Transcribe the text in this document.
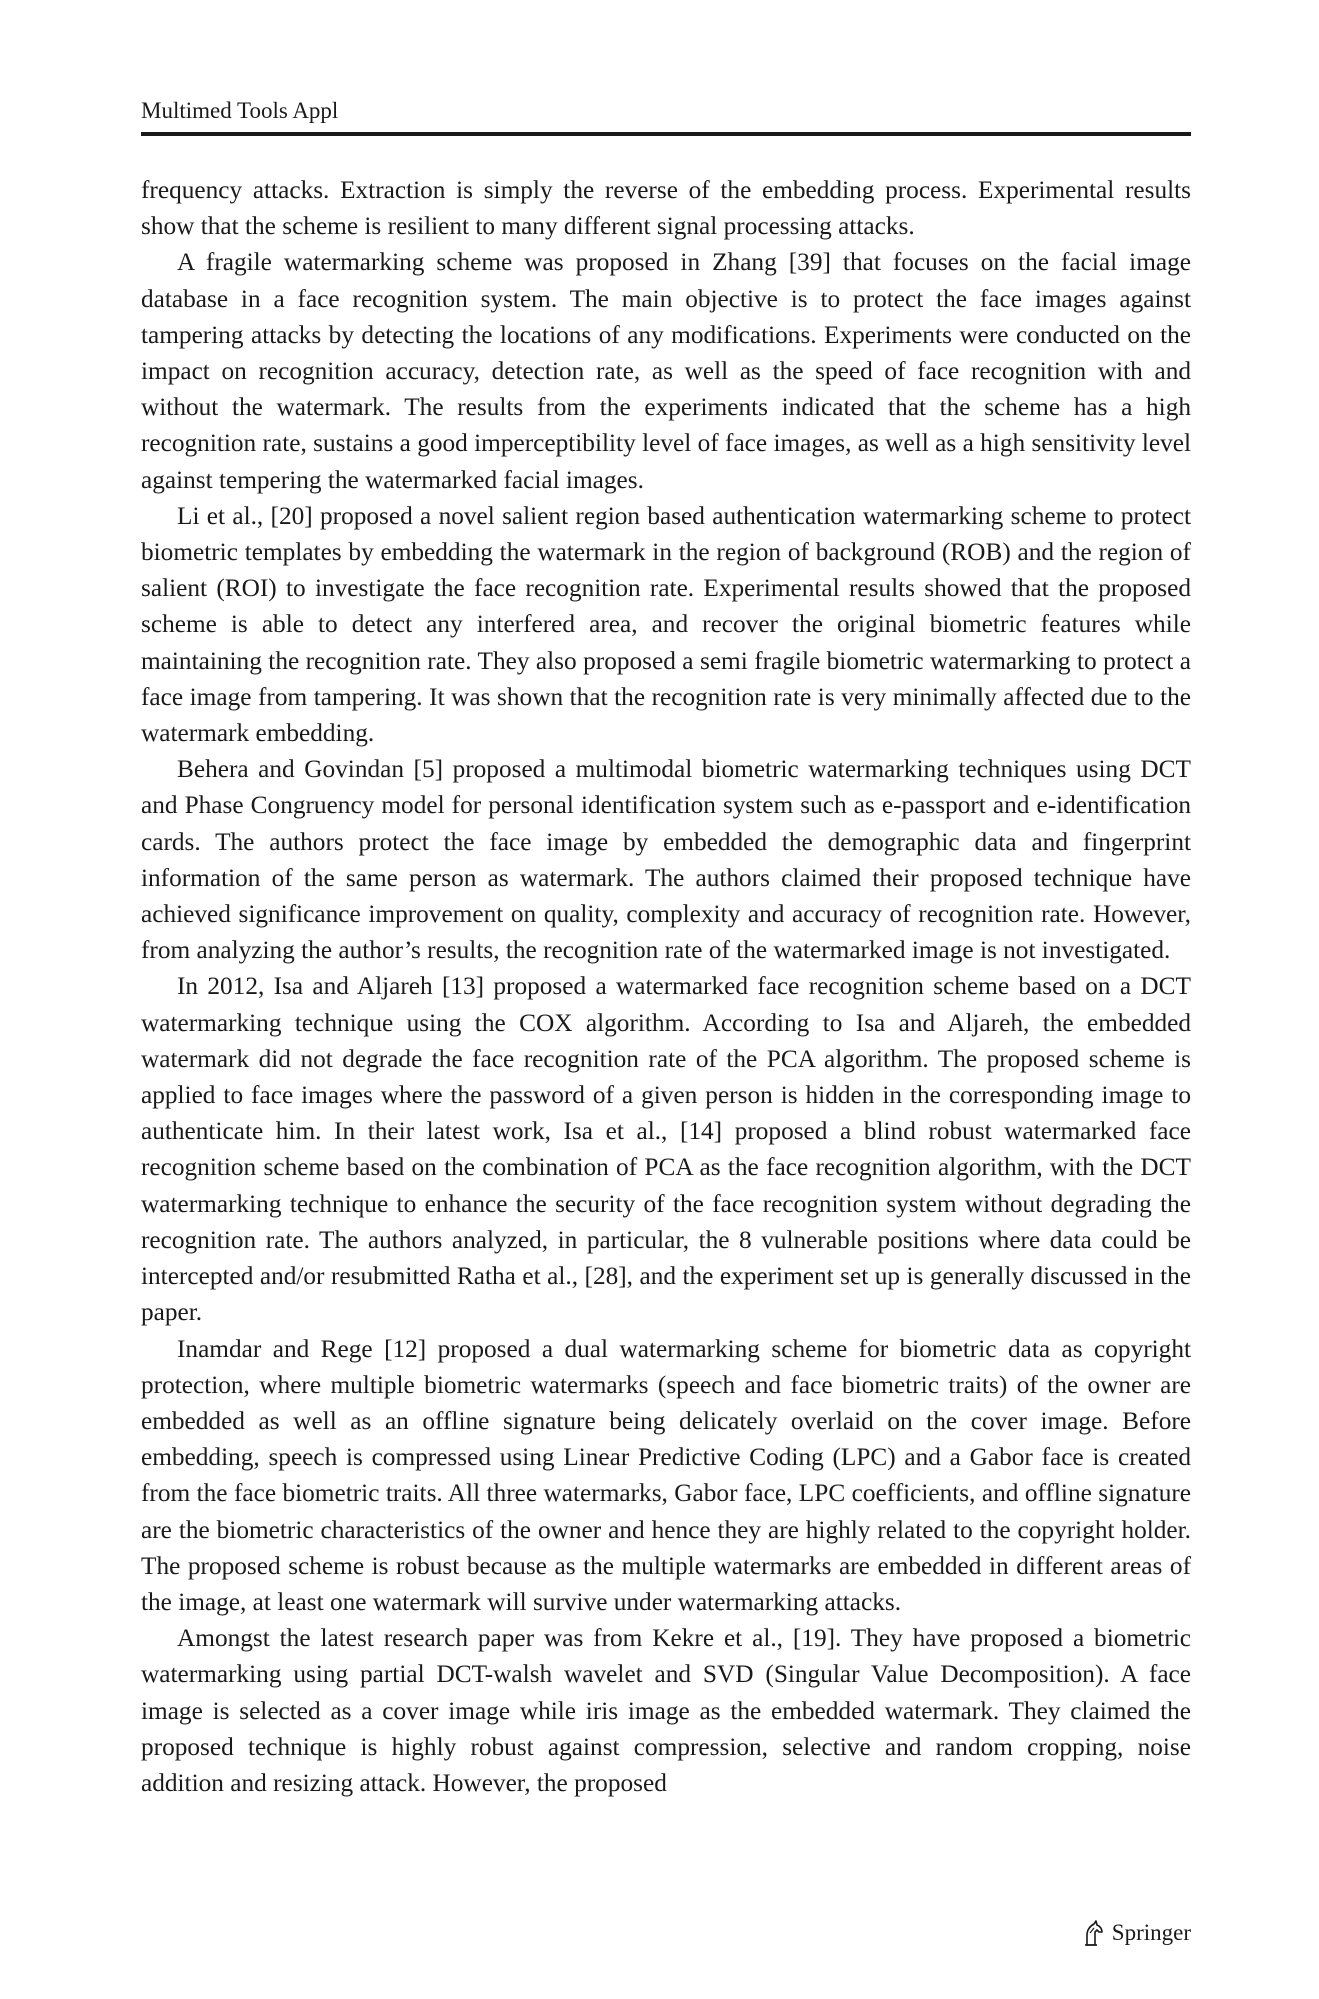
Multimed Tools Appl

frequency attacks. Extraction is simply the reverse of the embedding process. Experimental results show that the scheme is resilient to many different signal processing attacks.

A fragile watermarking scheme was proposed in Zhang [39] that focuses on the facial image database in a face recognition system. The main objective is to protect the face images against tampering attacks by detecting the locations of any modifications. Experiments were conducted on the impact on recognition accuracy, detection rate, as well as the speed of face recognition with and without the watermark. The results from the experiments indicated that the scheme has a high recognition rate, sustains a good imperceptibility level of face images, as well as a high sensitivity level against tempering the watermarked facial images.

Li et al., [20] proposed a novel salient region based authentication watermarking scheme to protect biometric templates by embedding the watermark in the region of background (ROB) and the region of salient (ROI) to investigate the face recognition rate. Experimental results showed that the proposed scheme is able to detect any interfered area, and recover the original biometric features while maintaining the recognition rate. They also proposed a semi fragile biometric watermarking to protect a face image from tampering. It was shown that the recognition rate is very minimally affected due to the watermark embedding.

Behera and Govindan [5] proposed a multimodal biometric watermarking techniques using DCT and Phase Congruency model for personal identification system such as e-passport and e-identification cards. The authors protect the face image by embedded the demographic data and fingerprint information of the same person as watermark. The authors claimed their proposed technique have achieved significance improvement on quality, complexity and accuracy of recognition rate. However, from analyzing the author’s results, the recognition rate of the watermarked image is not investigated.

In 2012, Isa and Aljareh [13] proposed a watermarked face recognition scheme based on a DCT watermarking technique using the COX algorithm. According to Isa and Aljareh, the embedded watermark did not degrade the face recognition rate of the PCA algorithm. The proposed scheme is applied to face images where the password of a given person is hidden in the corresponding image to authenticate him. In their latest work, Isa et al., [14] proposed a blind robust watermarked face recognition scheme based on the combination of PCA as the face recognition algorithm, with the DCT watermarking technique to enhance the security of the face recognition system without degrading the recognition rate. The authors analyzed, in particular, the 8 vulnerable positions where data could be intercepted and/or resubmitted Ratha et al., [28], and the experiment set up is generally discussed in the paper.

Inamdar and Rege [12] proposed a dual watermarking scheme for biometric data as copyright protection, where multiple biometric watermarks (speech and face biometric traits) of the owner are embedded as well as an offline signature being delicately overlaid on the cover image. Before embedding, speech is compressed using Linear Predictive Coding (LPC) and a Gabor face is created from the face biometric traits. All three watermarks, Gabor face, LPC coefficients, and offline signature are the biometric characteristics of the owner and hence they are highly related to the copyright holder. The proposed scheme is robust because as the multiple watermarks are embedded in different areas of the image, at least one watermark will survive under watermarking attacks.

Amongst the latest research paper was from Kekre et al., [19]. They have proposed a biometric watermarking using partial DCT-walsh wavelet and SVD (Singular Value Decomposition). A face image is selected as a cover image while iris image as the embedded watermark. They claimed the proposed technique is highly robust against compression, selective and random cropping, noise addition and resizing attack. However, the proposed

Springer
